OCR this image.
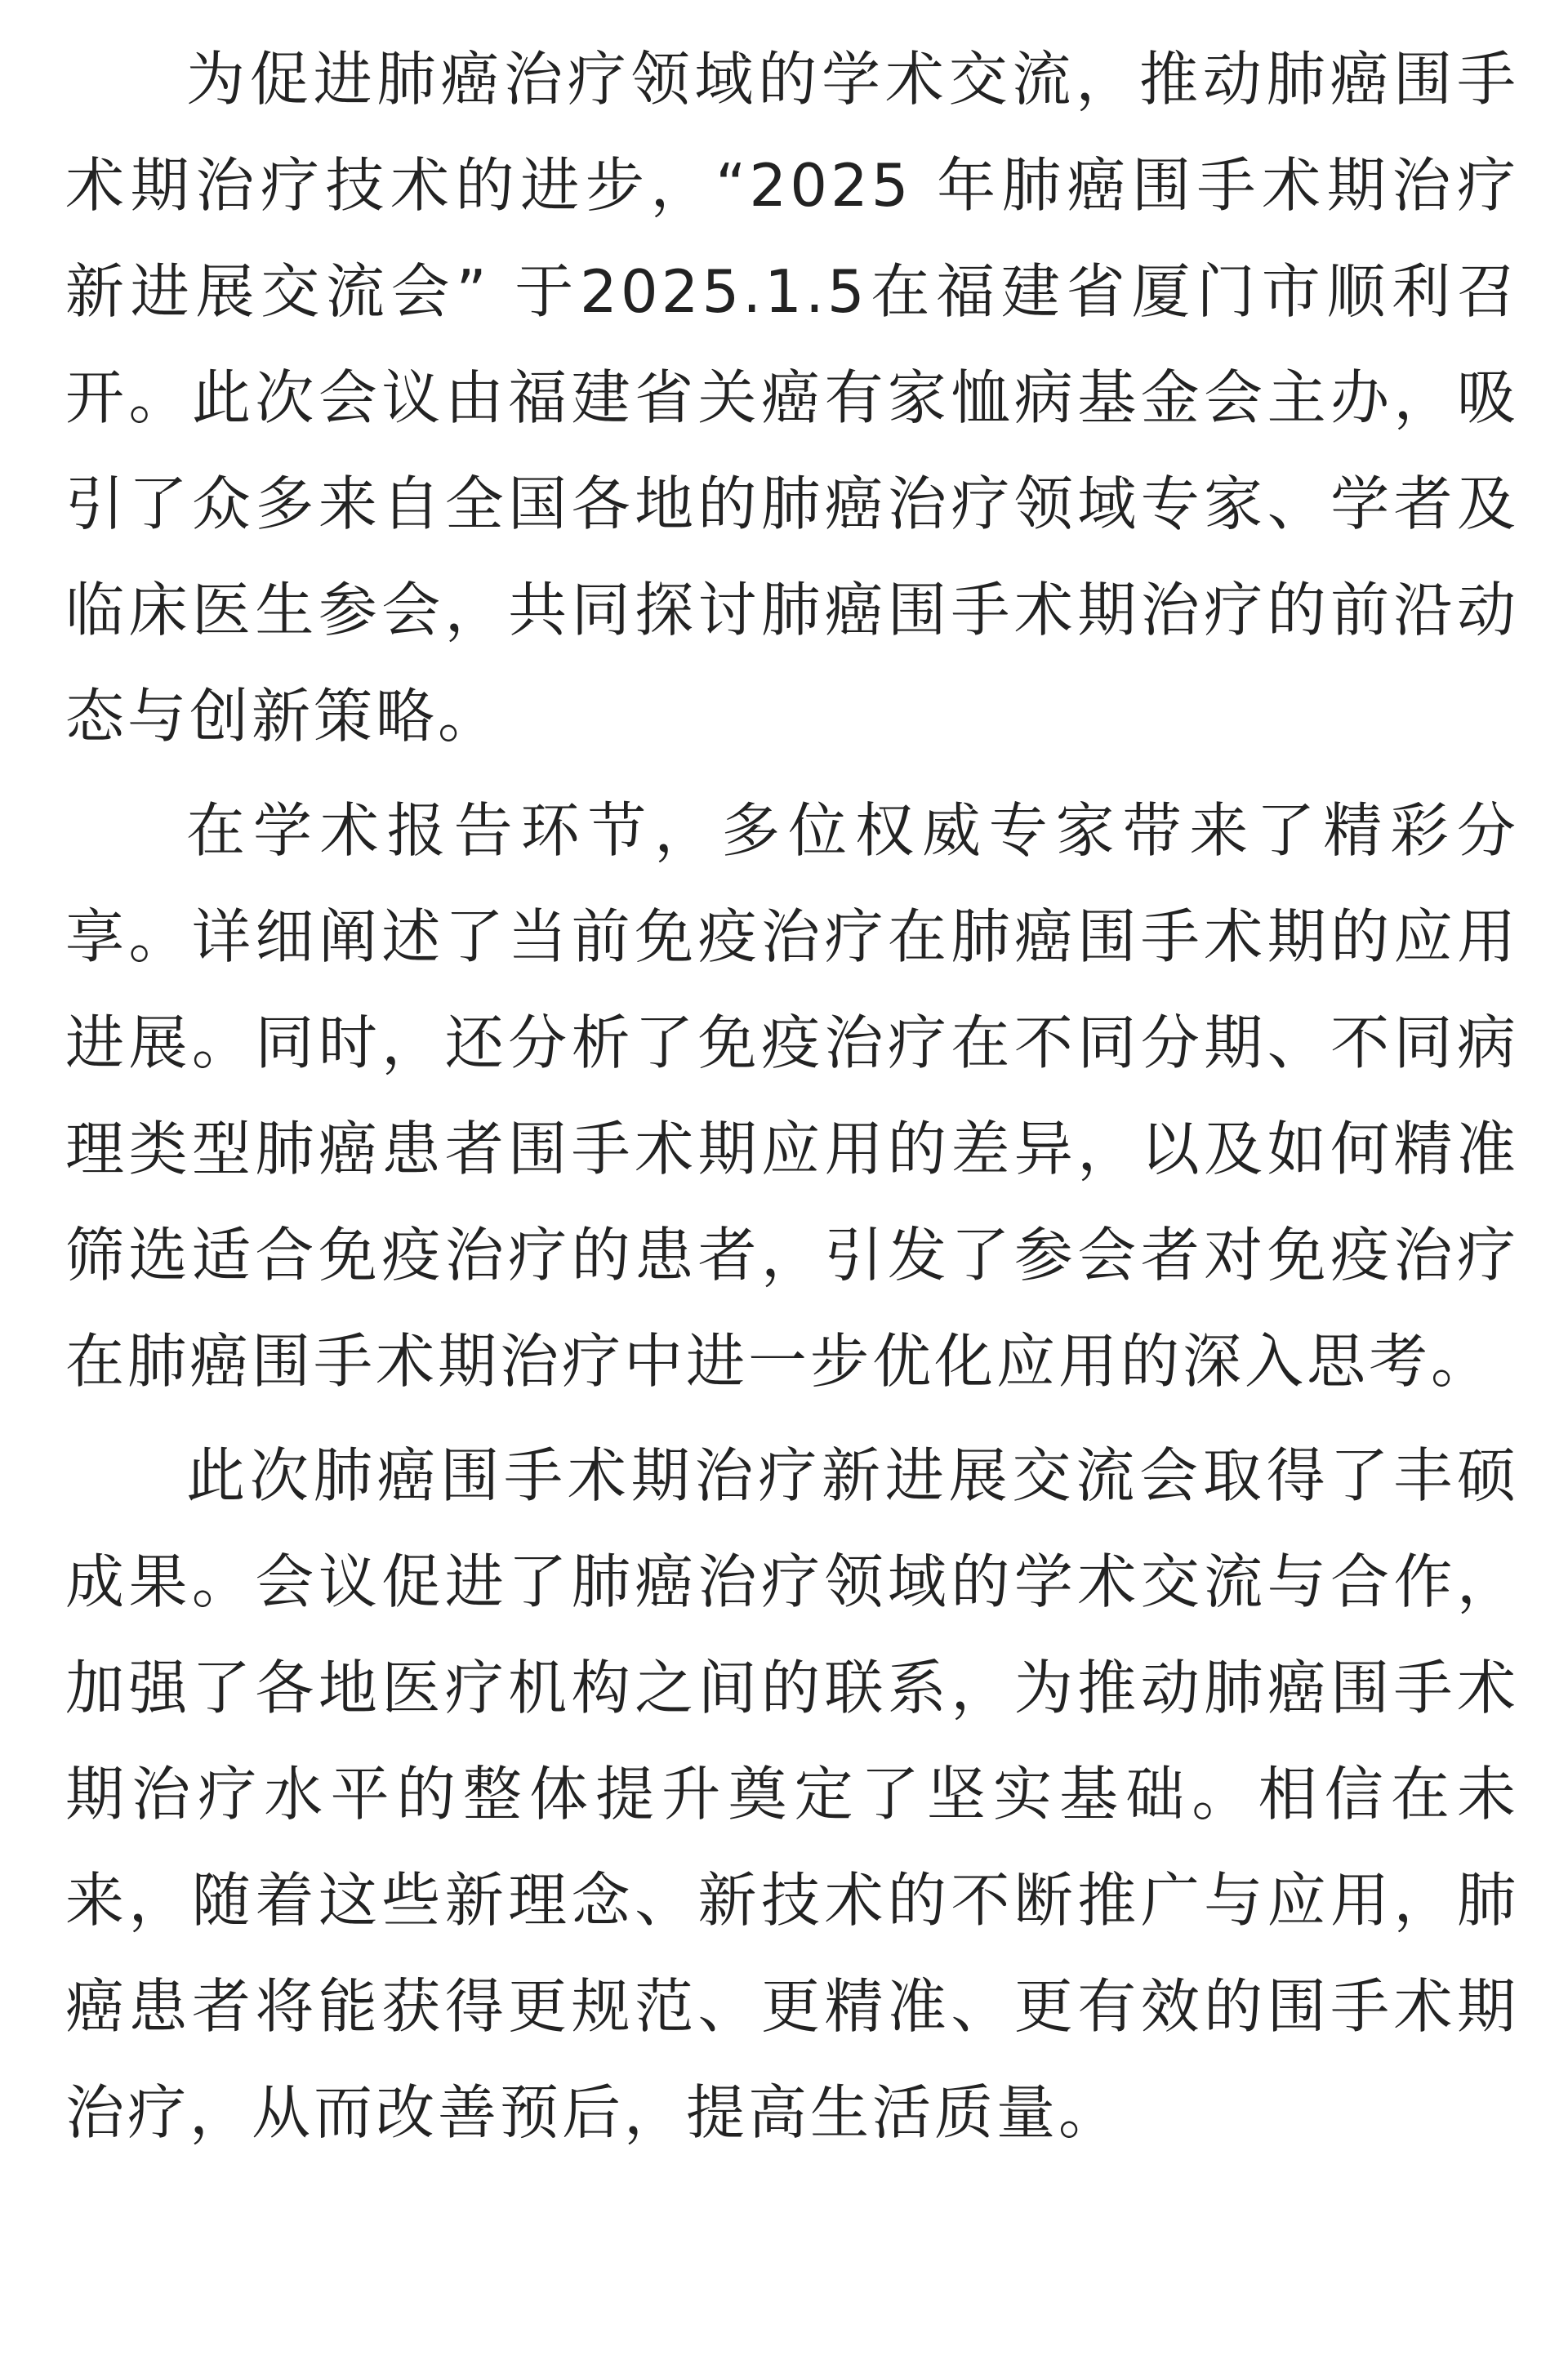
为促进肺癌治疗领域的学术交流，推动肺癌围手术期治疗技术的进步，“2025 年肺癌围手术期治疗新进展交流会” 于2025.1.5在福建省厦门市顺利召开。此次会议由福建省关癌有家恤病基金会主办，吸引了众多来自全国各地的肺癌治疗领域专家、学者及临床医生参会，共同探讨肺癌围手术期治疗的前沿动态与创新策略。

在学术报告环节，多位权威专家带来了精彩分享。详细阐述了当前免疫治疗在肺癌围手术期的应用进展。同时，还分析了免疫治疗在不同分期、不同病理类型肺癌患者围手术期应用的差异，以及如何精准筛选适合免疫治疗的患者，引发了参会者对免疫治疗在肺癌围手术期治疗中进一步优化应用的深入思考。

此次肺癌围手术期治疗新进展交流会取得了丰硕成果。会议促进了肺癌治疗领域的学术交流与合作，加强了各地医疗机构之间的联系，为推动肺癌围手术期治疗水平的整体提升奠定了坚实基础。相信在未来，随着这些新理念、新技术的不断推广与应用，肺癌患者将能获得更规范、更精准、更有效的围手术期治疗，从而改善预后，提高生活质量。
